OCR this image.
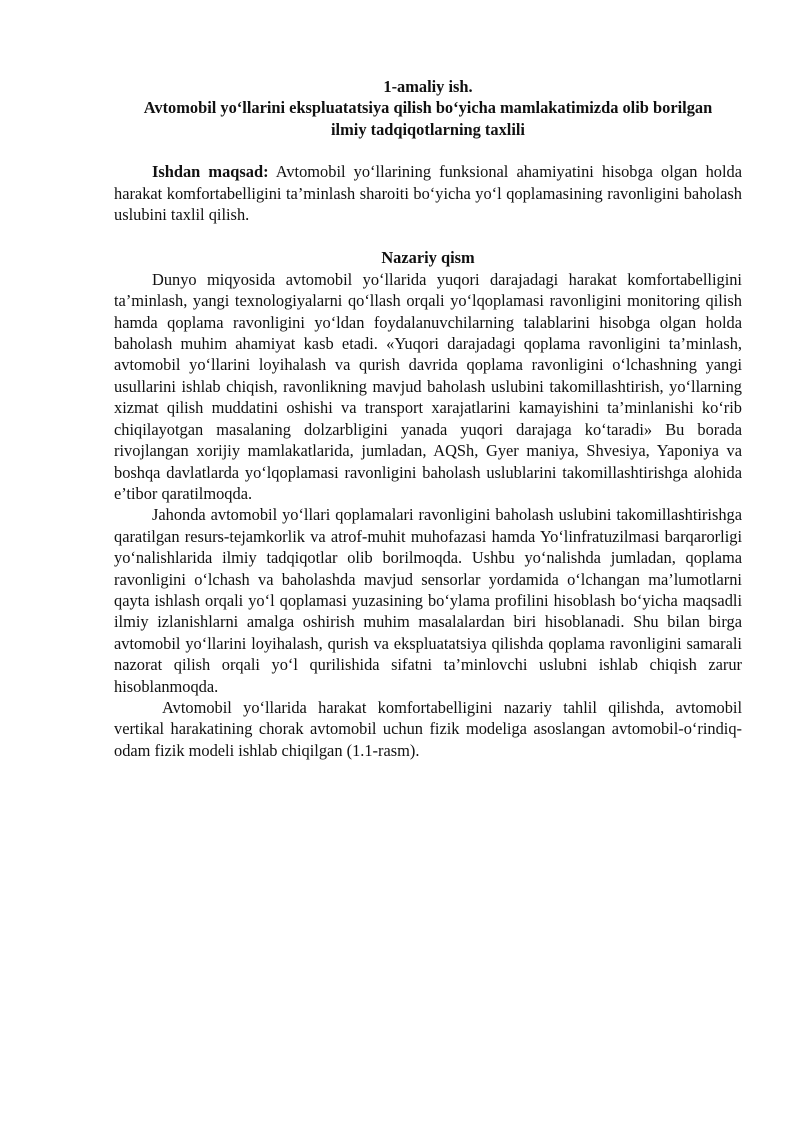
1-amaliy ish.
Avtomobil yo‘llarini ekspluatatsiya qilish bo‘yicha mamlakatimizda olib borilgan ilmiy tadqiqotlarning taxlili

Ishdan maqsad: Avtomobil yo‘llarining funksional ahamiyatini hisobga olgan holda harakat komfortabelligini ta’minlash sharoiti bo‘yicha yo‘l qoplamasining ravonligini baholash uslubini taxlil qilish.

Nazariy qism

Dunyo miqyosida avtomobil yo‘llarida yuqori darajadagi harakat komfortabelligini ta’minlash, yangi texnologiyalarni qo‘llash orqali yo‘lqoplamasi ravonligini monitoring qilish hamda qoplama ravonligini yo‘ldan foydalanuvchilarning talablarini hisobga olgan holda baholash muhim ahamiyat kasb etadi. «Yuqori darajadagi qoplama ravonligini ta’minlash, avtomobil yo‘llarini loyihalash va qurish davrida qoplama ravonligini o‘lchashning yangi usullarini ishlab chiqish, ravonlikning mavjud baholash uslubini takomillashtirish, yo‘llarning xizmat qilish muddatini oshishi va transport xarajatlarini kamayishini ta’minlanishi ko‘rib chiqilayotgan masalaning dolzarbligini yanada yuqori darajaga ko‘taradi» Bu borada rivojlangan xorijiy mamlakatlarida, jumladan, AQSh, Gyer maniya, Shvesiya, Yaponiya va boshqa davlatlarda yo‘lqoplamasi ravonligini baholash uslublarini takomillashtirishga alohida e’tibor qaratilmoqda.

Jahonda avtomobil yo‘llari qoplamalari ravonligini baholash uslubini takomillashtirishga qaratilgan resurs-tejamkorlik va atrof-muhit muhofazasi hamda Yo‘linfratuzilmasi barqarorligi yo‘nalishlarida ilmiy tadqiqotlar olib borilmoqda. Ushbu yo‘nalishda jumladan, qoplama ravonligini o‘lchash va baholashda mavjud sensorlar yordamida o‘lchangan ma’lumotlarni qayta ishlash orqali yo‘l qoplamasi yuzasining bo‘ylama profilini hisoblash bo‘yicha maqsadli ilmiy izlanishlarni amalga oshirish muhim masalalardan biri hisoblanadi. Shu bilan birga avtomobil yo‘llarini loyihalash, qurish va ekspluatatsiya qilishda qoplama ravonligini samarali nazorat qilish orqali yo‘l qurilishida sifatni ta’minlovchi uslubni ishlab chiqish zarur hisoblanmoqda.

Avtomobil yo‘llarida harakat komfortabelligini nazariy tahlil qilishda, avtomobil vertikal harakatining chorak avtomobil uchun fizik modeliga asoslangan avtomobil-o‘rindiq-odam fizik modeli ishlab chiqilgan (1.1-rasm).
